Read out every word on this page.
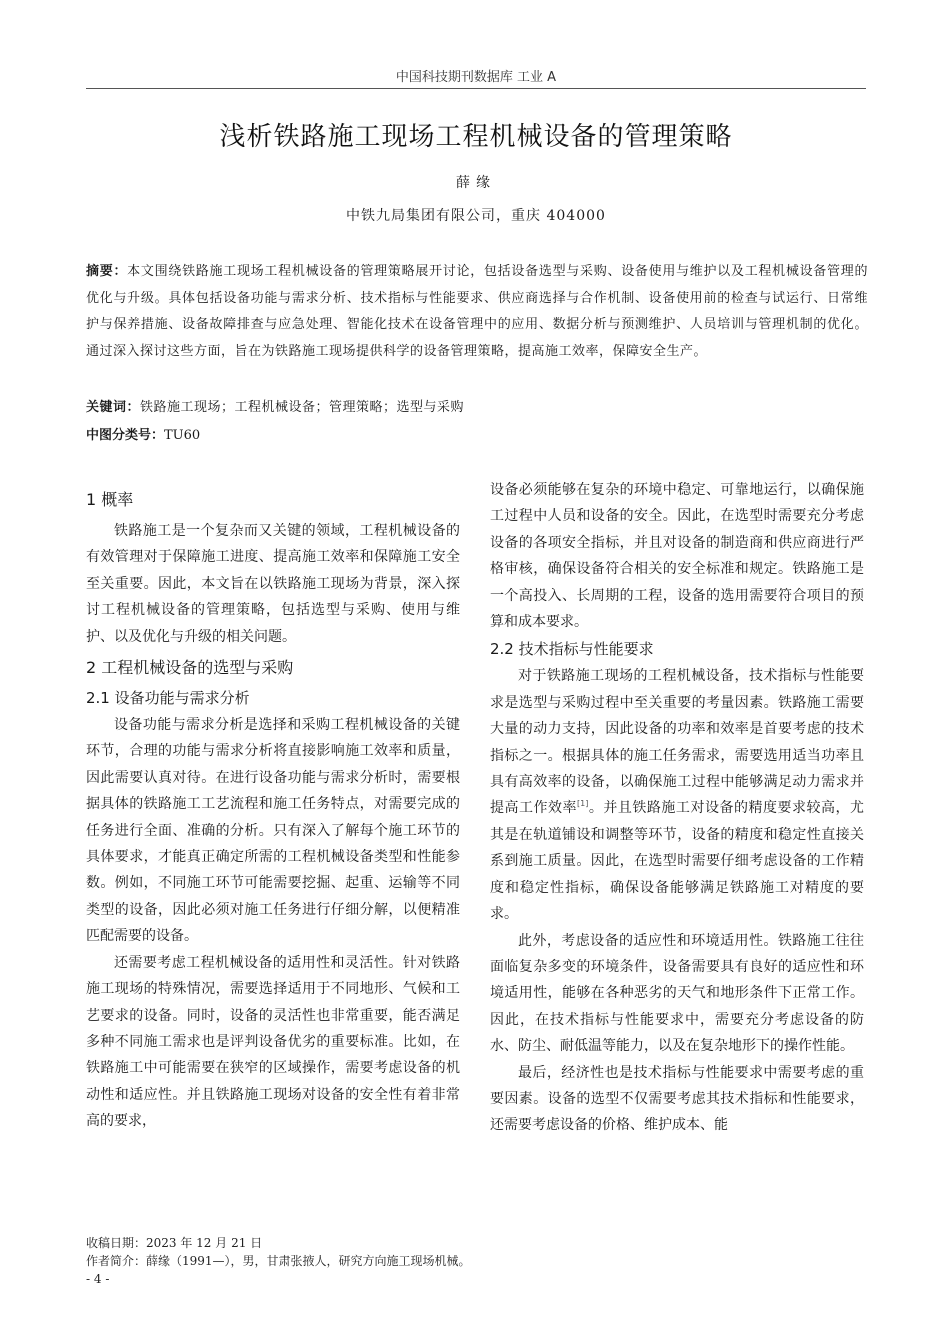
中国科技期刊数据库 工业 A
浅析铁路施工现场工程机械设备的管理策略
薛缘
中铁九局集团有限公司，重庆 404000
摘要：本文围绕铁路施工现场工程机械设备的管理策略展开讨论，包括设备选型与采购、设备使用与维护以及工程机械设备管理的优化与升级。具体包括设备功能与需求分析、技术指标与性能要求、供应商选择与合作机制、设备使用前的检查与试运行、日常维护与保养措施、设备故障排查与应急处理、智能化技术在设备管理中的应用、数据分析与预测维护、人员培训与管理机制的优化。通过深入探讨这些方面，旨在为铁路施工现场提供科学的设备管理策略，提高施工效率，保障安全生产。
关键词：铁路施工现场；工程机械设备；管理策略；选型与采购
中图分类号：TU60
1 概率

铁路施工是一个复杂而又关键的领域，工程机械设备的有效管理对于保障施工进度、提高施工效率和保障施工安全至关重要。因此，本文旨在以铁路施工现场为背景，深入探讨工程机械设备的管理策略，包括选型与采购、使用与维护、以及优化与升级的相关问题。

2 工程机械设备的选型与采购
2.1 设备功能与需求分析

设备功能与需求分析是选择和采购工程机械设备的关键环节，合理的功能与需求分析将直接影响施工效率和质量，因此需要认真对待。在进行设备功能与需求分析时，需要根据具体的铁路施工工艺流程和施工任务特点，对需要完成的任务进行全面、准确的分析。只有深入了解每个施工环节的具体要求，才能真正确定所需的工程机械设备类型和性能参数。例如，不同施工环节可能需要挖掘、起重、运输等不同类型的设备，因此必须对施工任务进行仔细分解，以便精准匹配需要的设备。

还需要考虑工程机械设备的适用性和灵活性。针对铁路施工现场的特殊情况，需要选择适用于不同地形、气候和工艺要求的设备。同时，设备的灵活性也非常重要，能否满足多种不同施工需求也是评判设备优劣的重要标准。比如，在铁路施工中可能需要在狭窄的区域操作，需要考虑设备的机动性和适应性。并且铁路施工现场对设备的安全性有着非常高的要求，

设备必须能够在复杂的环境中稳定、可靠地运行，以确保施工过程中人员和设备的安全。因此，在选型时需要充分考虑设备的各项安全指标，并且对设备的制造商和供应商进行严格审核，确保设备符合相关的安全标准和规定。铁路施工是一个高投入、长周期的工程，设备的选用需要符合项目的预算和成本要求。

2.2 技术指标与性能要求

对于铁路施工现场的工程机械设备，技术指标与性能要求是选型与采购过程中至关重要的考量因素。铁路施工需要大量的动力支持，因此设备的功率和效率是首要考虑的技术指标之一。根据具体的施工任务需求，需要选用适当功率且具有高效率的设备，以确保施工过程中能够满足动力需求并提高工作效率[1]。并且铁路施工对设备的精度要求较高，尤其是在轨道铺设和调整等环节，设备的精度和稳定性直接关系到施工质量。因此，在选型时需要仔细考虑设备的工作精度和稳定性指标，确保设备能够满足铁路施工对精度的要求。

此外，考虑设备的适应性和环境适用性。铁路施工往往面临复杂多变的环境条件，设备需要具有良好的适应性和环境适用性，能够在各种恶劣的天气和地形条件下正常工作。因此，在技术指标与性能要求中，需要充分考虑设备的防水、防尘、耐低温等能力，以及在复杂地形下的操作性能。

最后，经济性也是技术指标与性能要求中需要考虑的重要因素。设备的选型不仅需要考虑其技术指标和性能要求，还需要考虑设备的价格、维护成本、能

收稿日期：2023 年 12 月 21 日
作者简介：薛缘（1991—），男，甘肃张掖人，研究方向施工现场机械。
- 4 -
